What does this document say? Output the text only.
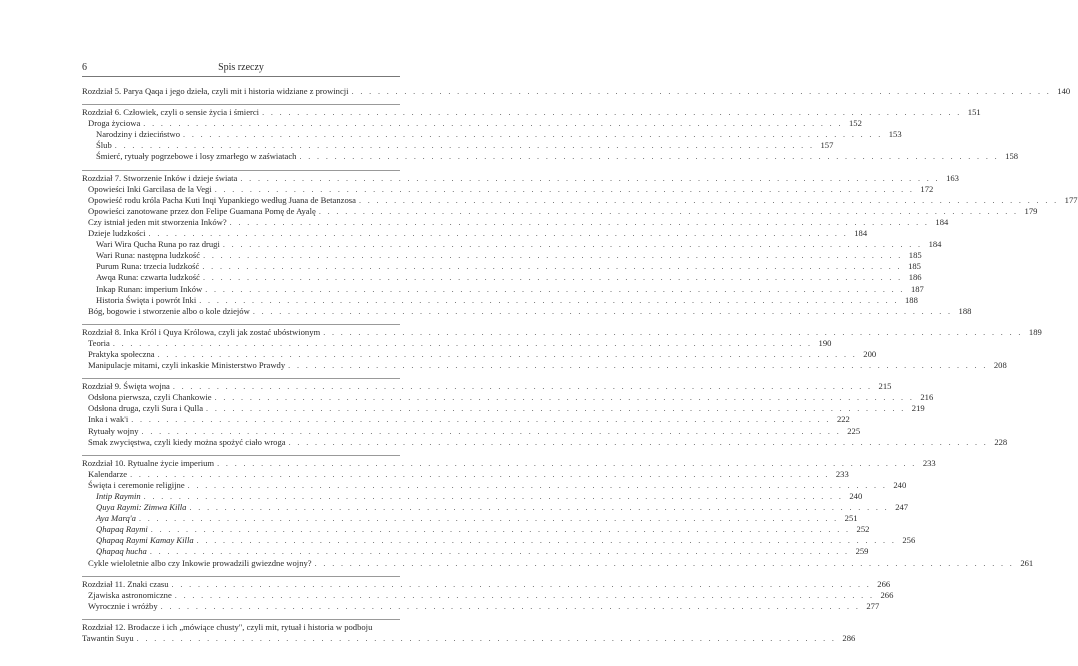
6	Spis rzeczy
Rozdział 5. Parya Qaqa i jego dzieła, czyli mit i historia widziane z prowincji . . . . . . . . . . . . . . . . . . . . . . . . . . . . . . . . . . . . . . . . . . . . . . . . . . . . . . . . . . . . . . . . . . . . . . . . . . . . . . . . 140
Rozdział 6. Człowiek, czyli o sensie życia i śmierci . . . . . . . . . . . . . . . . . . . . . . . . . . . . . . . . . . . . . . . . . . . . . . . . . . . . . . . . . . . . . . . . . . . . . . . . . . . . . . . . 151
Droga życiowa . . . . . . . . . . . . . . . . . . . . . . . . . . . . . . . . . . . . . . . . . . . . . . . . . . . . . . . . . . . . . . . . . . . . . . . . . . . . . . . . 152
Narodziny i dzieciństwo . . . . . . . . . . . . . . . . . . . . . . . . . . . . . . . . . . . . . . . . . . . . . . . . . . . . . . . . . . . . . . . . . . . . . . . . . . . . . . . . 153
Ślub . . . . . . . . . . . . . . . . . . . . . . . . . . . . . . . . . . . . . . . . . . . . . . . . . . . . . . . . . . . . . . . . . . . . . . . . . . . . . . . . 157
Śmierć, rytuały pogrzebowe i losy zmarłego w zaświatach . . . . . . . . . . . . . . . . . . . . . . . . . . . . . . . . . . . . . . . . . . . . . . . . . . . . . . . . . . . . . . . . . . . . . . . . . . . . . . . . 158
Rozdział 7. Stworzenie Inków i dzieje świata . . . . . . . . . . . . . . . . . . . . . . . . . . . . . . . . . . . . . . . . . . . . . . . . . . . . . . . . . . . . . . . . . . . . . . . . . . . . . . . . 163
Opowieści Inki Garcilasa de la Vegi . . . . . . . . . . . . . . . . . . . . . . . . . . . . . . . . . . . . . . . . . . . . . . . . . . . . . . . . . . . . . . . . . . . . . . . . . . . . . . . . 172
Opowieść rodu króla Pacha Kuti Inqi Yupankiego według Juana de Betanzosa . . . . . . . . . . . . . . . . . . . . . . . . . . . . . . . . . . . . . . . . . . . . . . . . . . . . . . . . . . . . . . . . . . . . . . . . . . . . . . . . 177
Opowieści zanotowane przez don Felipe Guamana Pomę de Ayalę . . . . . . . . . . . . . . . . . . . . . . . . . . . . . . . . . . . . . . . . . . . . . . . . . . . . . . . . . . . . . . . . . . . . . . . . . . . . . . . . 179
Czy istniał jeden mit stworzenia Inków? . . . . . . . . . . . . . . . . . . . . . . . . . . . . . . . . . . . . . . . . . . . . . . . . . . . . . . . . . . . . . . . . . . . . . . . . . . . . . . . . 184
Dzieje ludzkości . . . . . . . . . . . . . . . . . . . . . . . . . . . . . . . . . . . . . . . . . . . . . . . . . . . . . . . . . . . . . . . . . . . . . . . . . . . . . . . . 184
Wari Wira Qucha Runa po raz drugi . . . . . . . . . . . . . . . . . . . . . . . . . . . . . . . . . . . . . . . . . . . . . . . . . . . . . . . . . . . . . . . . . . . . . . . . . . . . . . . . 184
Wari Runa: następna ludzkość . . . . . . . . . . . . . . . . . . . . . . . . . . . . . . . . . . . . . . . . . . . . . . . . . . . . . . . . . . . . . . . . . . . . . . . . . . . . . . . . 185
Purum Runa: trzecia ludzkość . . . . . . . . . . . . . . . . . . . . . . . . . . . . . . . . . . . . . . . . . . . . . . . . . . . . . . . . . . . . . . . . . . . . . . . . . . . . . . . . 185
Awqa Runa: czwarta ludzkość . . . . . . . . . . . . . . . . . . . . . . . . . . . . . . . . . . . . . . . . . . . . . . . . . . . . . . . . . . . . . . . . . . . . . . . . . . . . . . . . 186
Inkap Runan: imperium Inków . . . . . . . . . . . . . . . . . . . . . . . . . . . . . . . . . . . . . . . . . . . . . . . . . . . . . . . . . . . . . . . . . . . . . . . . . . . . . . . . 187
Historia Święta i powrót Inki . . . . . . . . . . . . . . . . . . . . . . . . . . . . . . . . . . . . . . . . . . . . . . . . . . . . . . . . . . . . . . . . . . . . . . . . . . . . . . . . 188
Bóg, bogowie i stworzenie albo o kole dziejów . . . . . . . . . . . . . . . . . . . . . . . . . . . . . . . . . . . . . . . . . . . . . . . . . . . . . . . . . . . . . . . . . . . . . . . . . . . . . . . . 188
Rozdział 8. Inka Król i Quya Królowa, czyli jak zostać ubóstwionym . . . . . . . . . . . . . . . . . . . . . . . . . . . . . . . . . . . . . . . . . . . . . . . . . . . . . . . . . . . . . . . . . . . . . . . . . . . . . . . . 189
Teoria . . . . . . . . . . . . . . . . . . . . . . . . . . . . . . . . . . . . . . . . . . . . . . . . . . . . . . . . . . . . . . . . . . . . . . . . . . . . . . . . 190
Praktyka społeczna . . . . . . . . . . . . . . . . . . . . . . . . . . . . . . . . . . . . . . . . . . . . . . . . . . . . . . . . . . . . . . . . . . . . . . . . . . . . . . . . 200
Manipulacje mitami, czyli inkaskie Ministerstwo Prawdy . . . . . . . . . . . . . . . . . . . . . . . . . . . . . . . . . . . . . . . . . . . . . . . . . . . . . . . . . . . . . . . . . . . . . . . . . . . . . . . . 208
Rozdział 9. Święta wojna . . . . . . . . . . . . . . . . . . . . . . . . . . . . . . . . . . . . . . . . . . . . . . . . . . . . . . . . . . . . . . . . . . . . . . . . . . . . . . . . 215
Odsłona pierwsza, czyli Chankowie . . . . . . . . . . . . . . . . . . . . . . . . . . . . . . . . . . . . . . . . . . . . . . . . . . . . . . . . . . . . . . . . . . . . . . . . . . . . . . . . 216
Odsłona druga, czyli Sura i Qulla . . . . . . . . . . . . . . . . . . . . . . . . . . . . . . . . . . . . . . . . . . . . . . . . . . . . . . . . . . . . . . . . . . . . . . . . . . . . . . . . 219
Inka i wak'i . . . . . . . . . . . . . . . . . . . . . . . . . . . . . . . . . . . . . . . . . . . . . . . . . . . . . . . . . . . . . . . . . . . . . . . . . . . . . . . . 222
Rytuały wojny . . . . . . . . . . . . . . . . . . . . . . . . . . . . . . . . . . . . . . . . . . . . . . . . . . . . . . . . . . . . . . . . . . . . . . . . . . . . . . . . 225
Smak zwycięstwa, czyli kiedy można spożyć ciało wroga . . . . . . . . . . . . . . . . . . . . . . . . . . . . . . . . . . . . . . . . . . . . . . . . . . . . . . . . . . . . . . . . . . . . . . . . . . . . . . . . 228
Rozdział 10. Rytualne życie imperium . . . . . . . . . . . . . . . . . . . . . . . . . . . . . . . . . . . . . . . . . . . . . . . . . . . . . . . . . . . . . . . . . . . . . . . . . . . . . . . . 233
Kalendarze . . . . . . . . . . . . . . . . . . . . . . . . . . . . . . . . . . . . . . . . . . . . . . . . . . . . . . . . . . . . . . . . . . . . . . . . . . . . . . . . 233
Święta i ceremonie religijne . . . . . . . . . . . . . . . . . . . . . . . . . . . . . . . . . . . . . . . . . . . . . . . . . . . . . . . . . . . . . . . . . . . . . . . . . . . . . . . . 240
Intip Raymin . . . . . . . . . . . . . . . . . . . . . . . . . . . . . . . . . . . . . . . . . . . . . . . . . . . . . . . . . . . . . . . . . . . . . . . . . . . . . . . . 240
Quya Raymi: Ziтwa Killa . . . . . . . . . . . . . . . . . . . . . . . . . . . . . . . . . . . . . . . . . . . . . . . . . . . . . . . . . . . . . . . . . . . . . . . . . . . . . . . . 247
Aya Marq'a . . . . . . . . . . . . . . . . . . . . . . . . . . . . . . . . . . . . . . . . . . . . . . . . . . . . . . . . . . . . . . . . . . . . . . . . . . . . . . . . 251
Qhapaq Raymi . . . . . . . . . . . . . . . . . . . . . . . . . . . . . . . . . . . . . . . . . . . . . . . . . . . . . . . . . . . . . . . . . . . . . . . . . . . . . . . . 252
Qhapaq Raymi Kamay Killa . . . . . . . . . . . . . . . . . . . . . . . . . . . . . . . . . . . . . . . . . . . . . . . . . . . . . . . . . . . . . . . . . . . . . . . . . . . . . . . . 256
Qhapaq hucha . . . . . . . . . . . . . . . . . . . . . . . . . . . . . . . . . . . . . . . . . . . . . . . . . . . . . . . . . . . . . . . . . . . . . . . . . . . . . . . . 259
Cykle wieloletnie albo czy Inkowie prowadzili gwiezdne wojny? . . . . . . . . . . . . . . . . . . . . . . . . . . . . . . . . . . . . . . . . . . . . . . . . . . . . . . . . . . . . . . . . . . . . . . . . . . . . . . . . 261
Rozdział 11. Znaki czasu . . . . . . . . . . . . . . . . . . . . . . . . . . . . . . . . . . . . . . . . . . . . . . . . . . . . . . . . . . . . . . . . . . . . . . . . . . . . . . . . 266
Zjawiska astronomiczne . . . . . . . . . . . . . . . . . . . . . . . . . . . . . . . . . . . . . . . . . . . . . . . . . . . . . . . . . . . . . . . . . . . . . . . . . . . . . . . . 266
Wyrocznie i wróżby . . . . . . . . . . . . . . . . . . . . . . . . . . . . . . . . . . . . . . . . . . . . . . . . . . . . . . . . . . . . . . . . . . . . . . . . . . . . . . . . 277
Rozdział 12. Brodacze i ich „mówiące chusty", czyli mit, rytuał i historia w podboju
Tawantin Suyu . . . . . . . . . . . . . . . . . . . . . . . . . . . . . . . . . . . . . . . . . . . . . . . . . . . . . . . . . . . . . . . . . . . . . . . . . . . . . . . . 286
